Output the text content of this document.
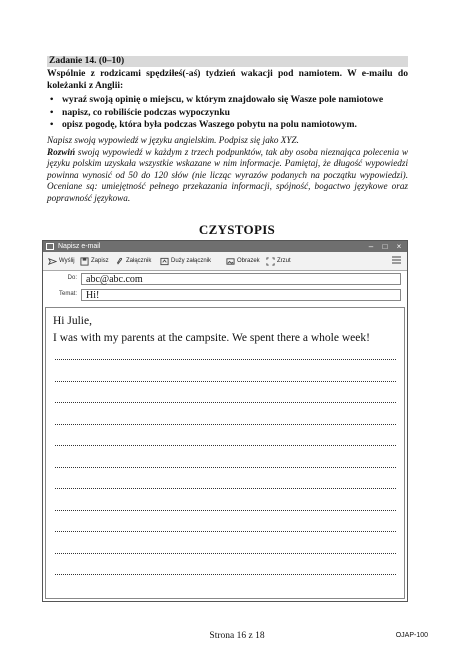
Zadanie 14. (0–10)
Wspólnie z rodzicami spędziłeś(-aś) tydzień wakacji pod namiotem. W e-mailu do koleżanki z Anglii:
• wyraź swoją opinię o miejscu, w którym znajdowało się Wasze pole namiotowe
• napisz, co robiliście podczas wypoczynku
• opisz pogodę, która była podczas Waszego pobytu na polu namiotowym.

Napisz swoją wypowiedź w języku angielskim. Podpisz się jako XYZ.

Rozwiń swoją wypowiedź w każdym z trzech podpunktów, tak aby osoba nieznająca polecenia w języku polskim uzyskała wszystkie wskazane w nim informacje. Pamiętaj, że długość wypowiedzi powinna wynosić od 50 do 120 słów (nie licząc wyrazów podanych na początku wypowiedzi). Oceniane są: umiejętność pełnego przekazania informacji, spójność, bogactwo językowe oraz poprawność językowa.

CZYSTOPIS
Napisz e-mail	–	□	×
Wyślij	Zapisz	Załącznik	Duży załącznik	Obrazek	Zrzut
Do: abc@abc.com
Temat: Hi!
Hi Julie,
I was with my parents at the campsite. We spent there a whole week!
Strona 16 z 18	OJAP-100
